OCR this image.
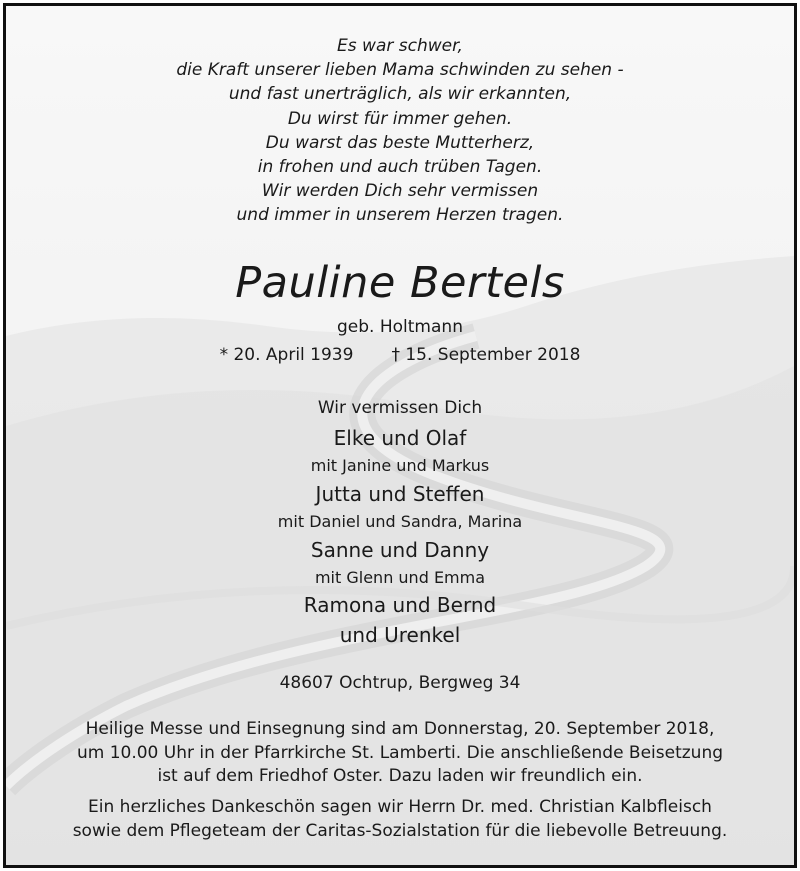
Es war schwer,
die Kraft unserer lieben Mama schwinden zu sehen -
und fast unerträglich, als wir erkannten,
Du wirst für immer gehen.
Du warst das beste Mutterherz,
in frohen und auch trüben Tagen.
Wir werden Dich sehr vermissen
und immer in unserem Herzen tragen.
Pauline Bertels
geb. Holtmann
* 20. April 1939 † 15. September 2018
Wir vermissen Dich
Elke und Olaf
mit Janine und Markus
Jutta und Steffen
mit Daniel und Sandra, Marina
Sanne und Danny
mit Glenn und Emma
Ramona und Bernd
und Urenkel
48607 Ochtrup, Bergweg 34
Heilige Messe und Einsegnung sind am Donnerstag, 20. September 2018,
um 10.00 Uhr in der Pfarrkirche St. Lamberti. Die anschließende Beisetzung
ist auf dem Friedhof Oster. Dazu laden wir freundlich ein.
Ein herzliches Dankeschön sagen wir Herrn Dr. med. Christian Kalbfleisch
sowie dem Pflegeteam der Caritas-Sozialstation für die liebevolle Betreuung.
